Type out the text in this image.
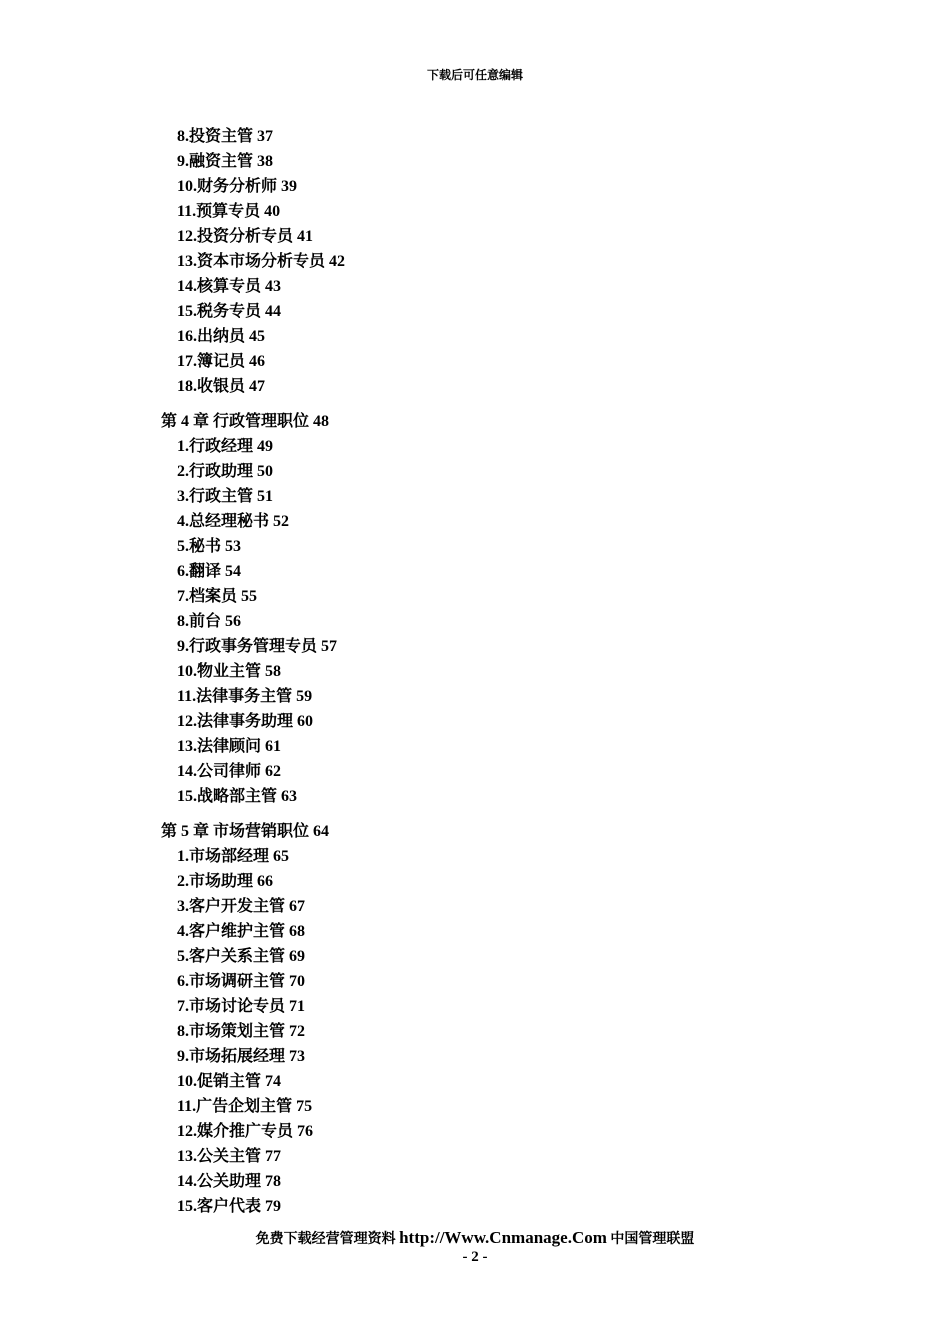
下载后可任意编辑
8.投资主管 37
9.融资主管 38
10.财务分析师 39
11.预算专员 40
12.投资分析专员 41
13.资本市场分析专员 42
14.核算专员 43
15.税务专员 44
16.出纳员 45
17.簿记员 46
18.收银员 47
第 4 章 行政管理职位 48
1.行政经理 49
2.行政助理 50
3.行政主管 51
4.总经理秘书 52
5.秘书 53
6.翻译 54
7.档案员 55
8.前台 56
9.行政事务管理专员 57
10.物业主管 58
11.法律事务主管 59
12.法律事务助理 60
13.法律顾问 61
14.公司律师 62
15.战略部主管 63
第 5 章 市场营销职位 64
1.市场部经理 65
2.市场助理 66
3.客户开发主管 67
4.客户维护主管 68
5.客户关系主管 69
6.市场调研主管 70
7.市场讨论专员 71
8.市场策划主管 72
9.市场拓展经理 73
10.促销主管 74
11.广告企划主管 75
12.媒介推广专员 76
13.公关主管 77
14.公关助理 78
15.客户代表 79
免费下载经营管理资料 http://Www.Cnmanage.Com 中国管理联盟
- 2 -
